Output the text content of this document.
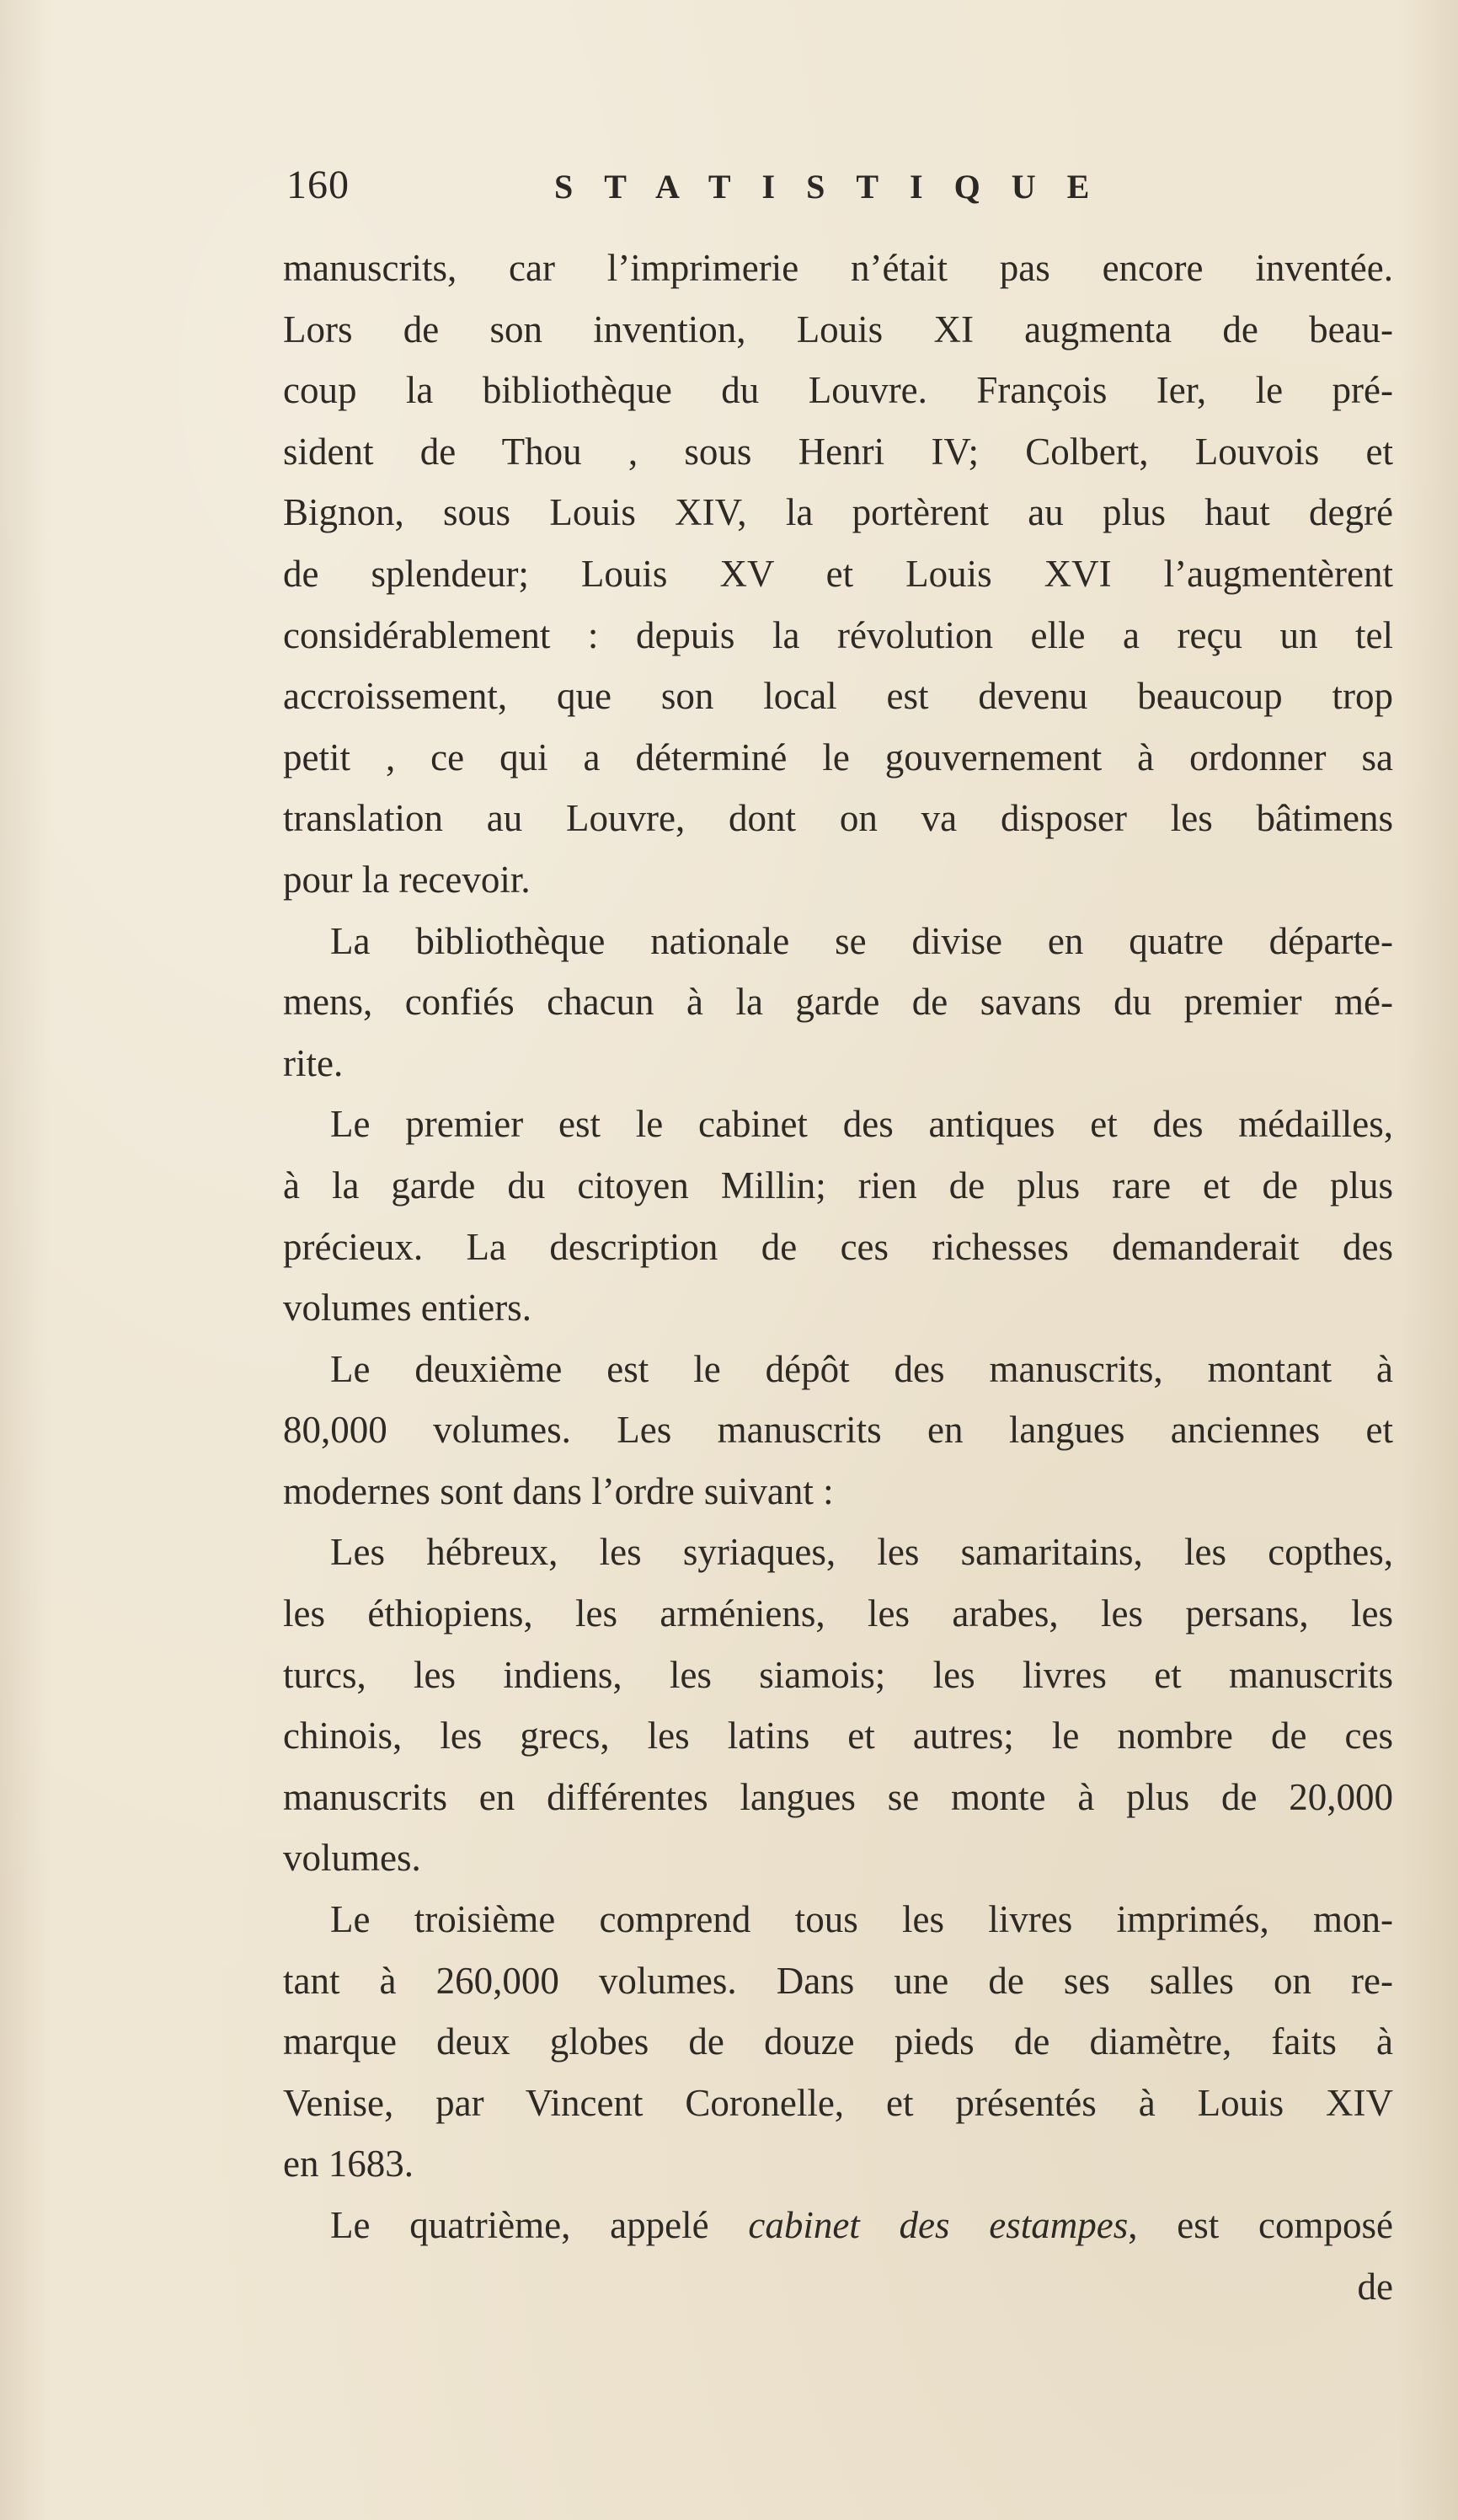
160	STATISTIQUE
manuscrits, car l’imprimerie n’était pas encore inventée.
Lors de son invention, Louis XI augmenta de beau-
coup la bibliothèque du Louvre. François Ier, le pré-
sident de Thou , sous Henri IV; Colbert, Louvois et
Bignon, sous Louis XIV, la portèrent au plus haut degré
de splendeur; Louis XV et Louis XVI l’augmentèrent
considérablement : depuis la révolution elle a reçu un tel
accroissement, que son local est devenu beaucoup trop
petit , ce qui a déterminé le gouvernement à ordonner sa
translation au Louvre, dont on va disposer les bâtimens
pour la recevoir.
La bibliothèque nationale se divise en quatre départe-
mens, confiés chacun à la garde de savans du premier mé-
rite.
Le premier est le cabinet des antiques et des médailles,
à la garde du citoyen Millin; rien de plus rare et de plus
précieux. La description de ces richesses demanderait des
volumes entiers.
Le deuxième est le dépôt des manuscrits, montant à
80,000 volumes. Les manuscrits en langues anciennes et
modernes sont dans l’ordre suivant :
Les hébreux, les syriaques, les samaritains, les copthes,
les éthiopiens, les arméniens, les arabes, les persans, les
turcs, les indiens, les siamois; les livres et manuscrits
chinois, les grecs, les latins et autres; le nombre de ces
manuscrits en différentes langues se monte à plus de 20,000
volumes.
Le troisième comprend tous les livres imprimés, mon-
tant à 260,000 volumes. Dans une de ses salles on re-
marque deux globes de douze pieds de diamètre, faits à
Venise, par Vincent Coronelle, et présentés à Louis XIV
en 1683.
Le quatrième, appelé cabinet des estampes, est composé
de
